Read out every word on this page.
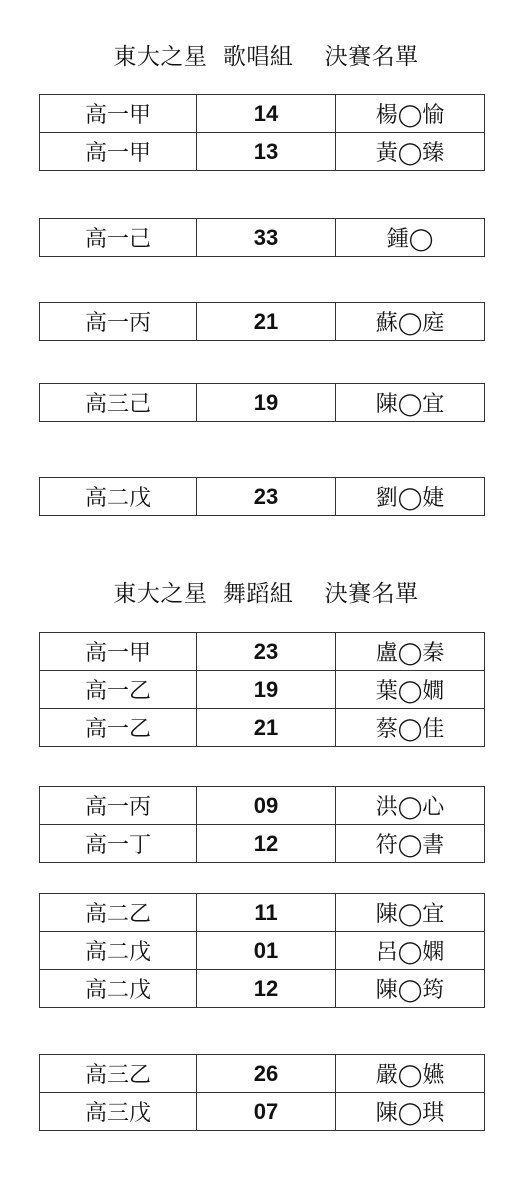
東大之星  歌唱組    決賽名單
高一甲	14	楊◯愉
高一甲	13	黃◯臻
高一己	33	鍾◯
高一丙	21	蘇◯庭
高三己	19	陳◯宜
高二戊	23	劉◯婕
東大之星  舞蹈組    決賽名單
高一甲	23	盧◯秦
高一乙	19	葉◯嫺
高一乙	21	蔡◯佳
高一丙	09	洪◯心
高一丁	12	符◯書
高二乙	11	陳◯宜
高二戊	01	呂◯嫻
高二戊	12	陳◯筠
高三乙	26	嚴◯嬿
高三戊	07	陳◯琪
